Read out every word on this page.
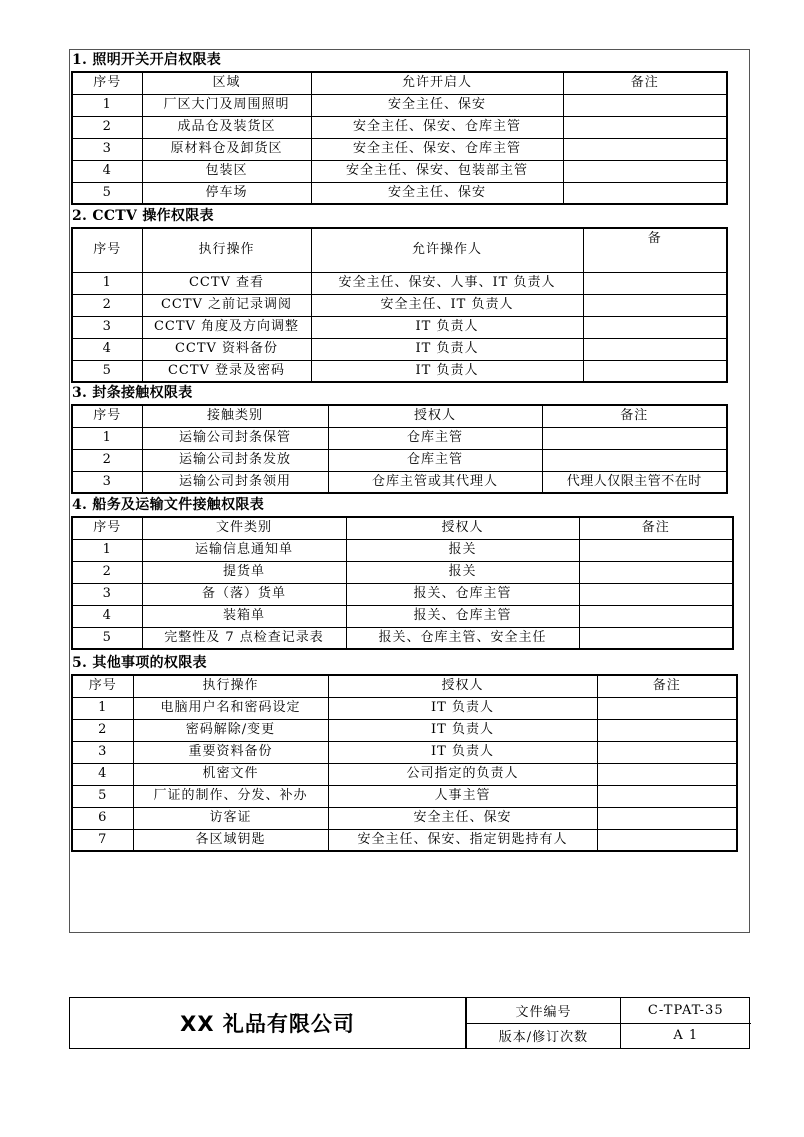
1. 照明开关开启权限表
序号	区域	允许开启人	备注
1	厂区大门及周围照明	安全主任、保安	
2	成品仓及装货区	安全主任、保安、仓库主管	
3	原材料仓及卸货区	安全主任、保安、仓库主管	
4	包装区	安全主任、保安、包装部主管	
5	停车场	安全主任、保安	
2. CCTV 操作权限表
序号	执行操作	允许操作人	备
1	CCTV 查看	安全主任、保安、人事、IT 负责人	
2	CCTV 之前记录调阅	安全主任、IT 负责人	
3	CCTV 角度及方向调整	IT 负责人	
4	CCTV 资料备份	IT 负责人	
5	CCTV 登录及密码	IT 负责人	
3. 封条接触权限表
序号	接触类别	授权人	备注
1	运输公司封条保管	仓库主管	
2	运输公司封条发放	仓库主管	
3	运输公司封条领用	仓库主管或其代理人	代理人仅限主管不在时
4. 船务及运输文件接触权限表
序号	文件类别	授权人	备注
1	运输信息通知单	报关	
2	提货单	报关	
3	备（落）货单	报关、仓库主管	
4	装箱单	报关、仓库主管	
5	完整性及 7 点检查记录表	报关、仓库主管、安全主任	
5. 其他事项的权限表
序号	执行操作	授权人	备注
1	电脑用户名和密码设定	IT 负责人	
2	密码解除/变更	IT 负责人	
3	重要资料备份	IT 负责人	
4	机密文件	公司指定的负责人	
5	厂证的制作、分发、补办	人事主管	
6	访客证	安全主任、保安	
7	各区域钥匙	安全主任、保安、指定钥匙持有人	
XX 礼品有限公司	文件编号	C-TPAT-35
版本/修订次数	A 1
